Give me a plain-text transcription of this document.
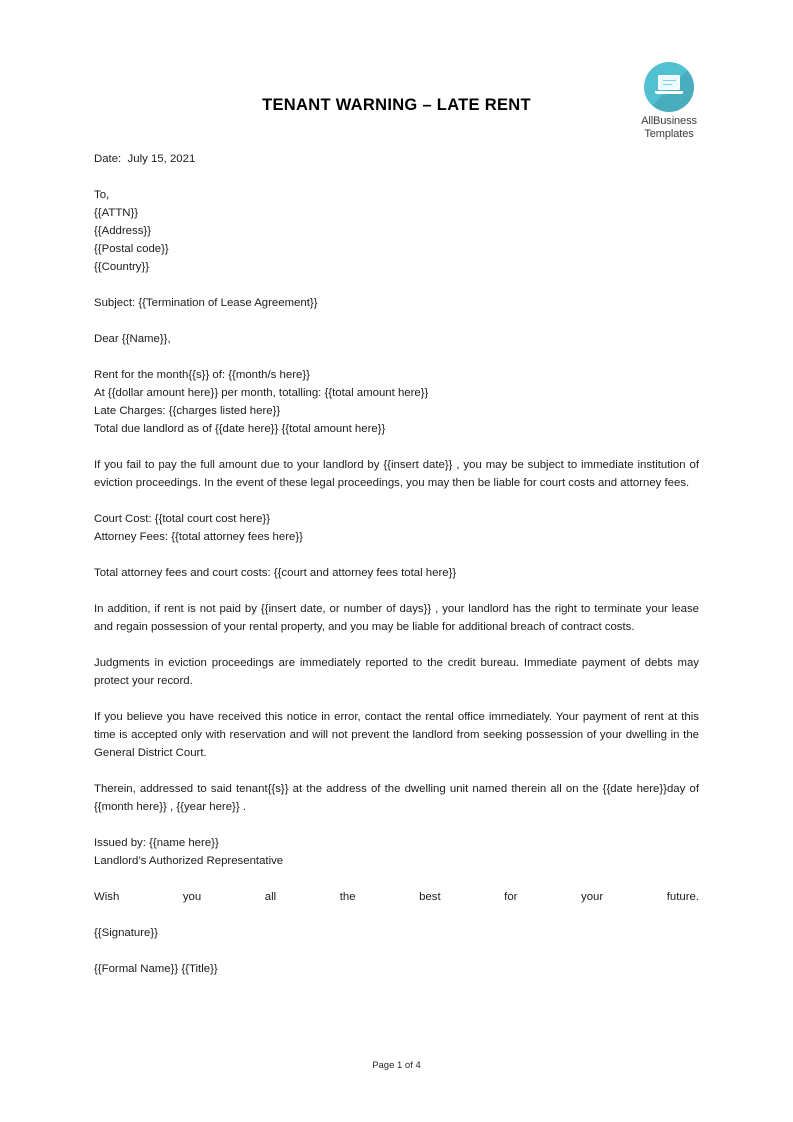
AllBusiness
Templates
TENANT WARNING – LATE RENT
Date:  July 15, 2021
To,
{{ATTN}}
{{Address}}
{{Postal code}}
{{Country}}
Subject: {{Termination of Lease Agreement}}
Dear {{Name}},
Rent for the month{{s}} of: {{month/s here}}
At {{dollar amount here}} per month, totalling: {{total amount here}}
Late Charges: {{charges listed here}}
Total due landlord as of {{date here}} {{total amount here}}
If you fail to pay the full amount due to your landlord by {{insert date}} , you may be subject to immediate institution of eviction proceedings. In the event of these legal proceedings, you may then be liable for court costs and attorney fees.
Court Cost: {{total court cost here}}
Attorney Fees: {{total attorney fees here}}
Total attorney fees and court costs: {{court and attorney fees total here}}
In addition, if rent is not paid by {{insert date, or number of days}} , your landlord has the right to terminate your lease and regain possession of your rental property, and you may be liable for additional breach of contract costs.
Judgments in eviction proceedings are immediately reported to the credit bureau. Immediate payment of debts may protect your record.
If you believe you have received this notice in error, contact the rental office immediately. Your payment of rent at this time is accepted only with reservation and will not prevent the landlord from seeking possession of your dwelling in the General District Court.
Therein, addressed to said tenant{{s}} at the address of the dwelling unit named therein all on the {{date here}}day of {{month here}} , {{year here}} .
Issued by: {{name here}}
Landlord’s Authorized Representative
Wish you all the best for your future.
{{Signature}}
{{Formal Name}} {{Title}}
Page 1 of 4
